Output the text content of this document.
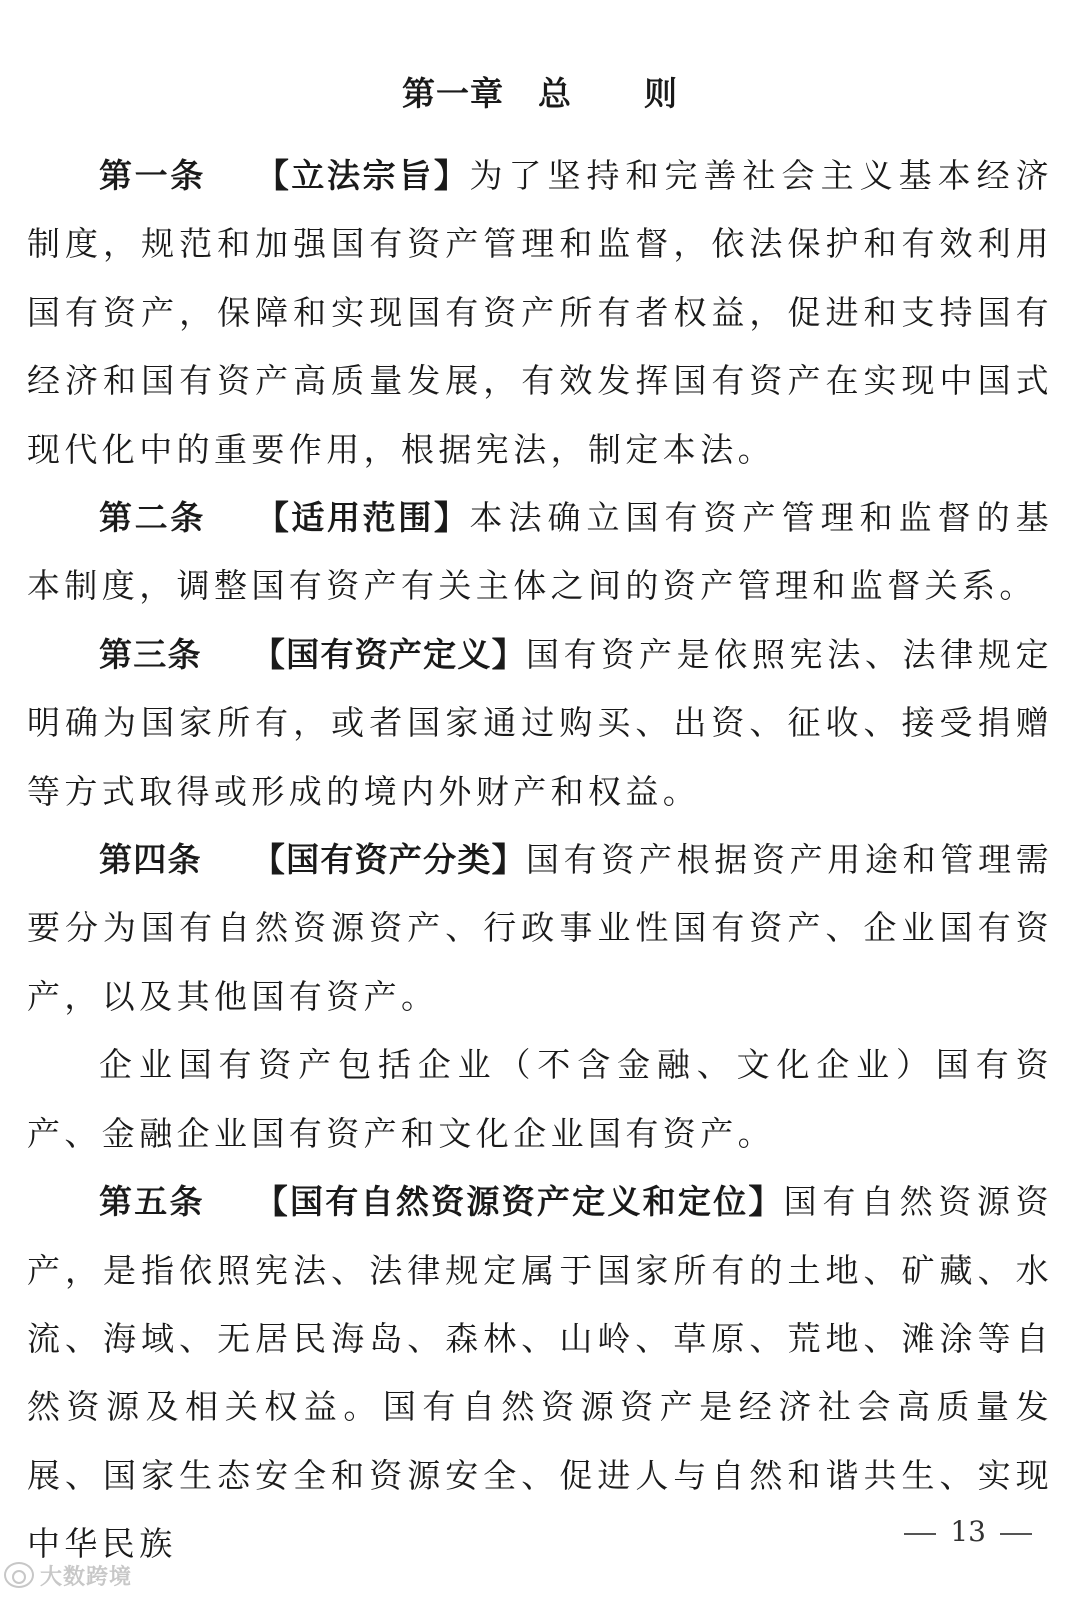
第一章 总 则

第一条 【立法宗旨】为了坚持和完善社会主义基本经济制度，规范和加强国有资产管理和监督，依法保护和有效利用国有资产，保障和实现国有资产所有者权益，促进和支持国有经济和国有资产高质量发展，有效发挥国有资产在实现中国式现代化中的重要作用，根据宪法，制定本法。

第二条 【适用范围】本法确立国有资产管理和监督的基本制度，调整国有资产有关主体之间的资产管理和监督关系。

第三条 【国有资产定义】国有资产是依照宪法、法律规定明确为国家所有，或者国家通过购买、出资、征收、接受捐赠等方式取得或形成的境内外财产和权益。

第四条 【国有资产分类】国有资产根据资产用途和管理需要分为国有自然资源资产、行政事业性国有资产、企业国有资产，以及其他国有资产。

企业国有资产包括企业（不含金融、文化企业）国有资产、金融企业国有资产和文化企业国有资产。

第五条 【国有自然资源资产定义和定位】国有自然资源资产，是指依照宪法、法律规定属于国家所有的土地、矿藏、水流、海域、无居民海岛、森林、山岭、草原、荒地、滩涂等自然资源及相关权益。国有自然资源资产是经济社会高质量发展、国家生态安全和资源安全、促进人与自然和谐共生、实现中华民族	13
大数跨境
